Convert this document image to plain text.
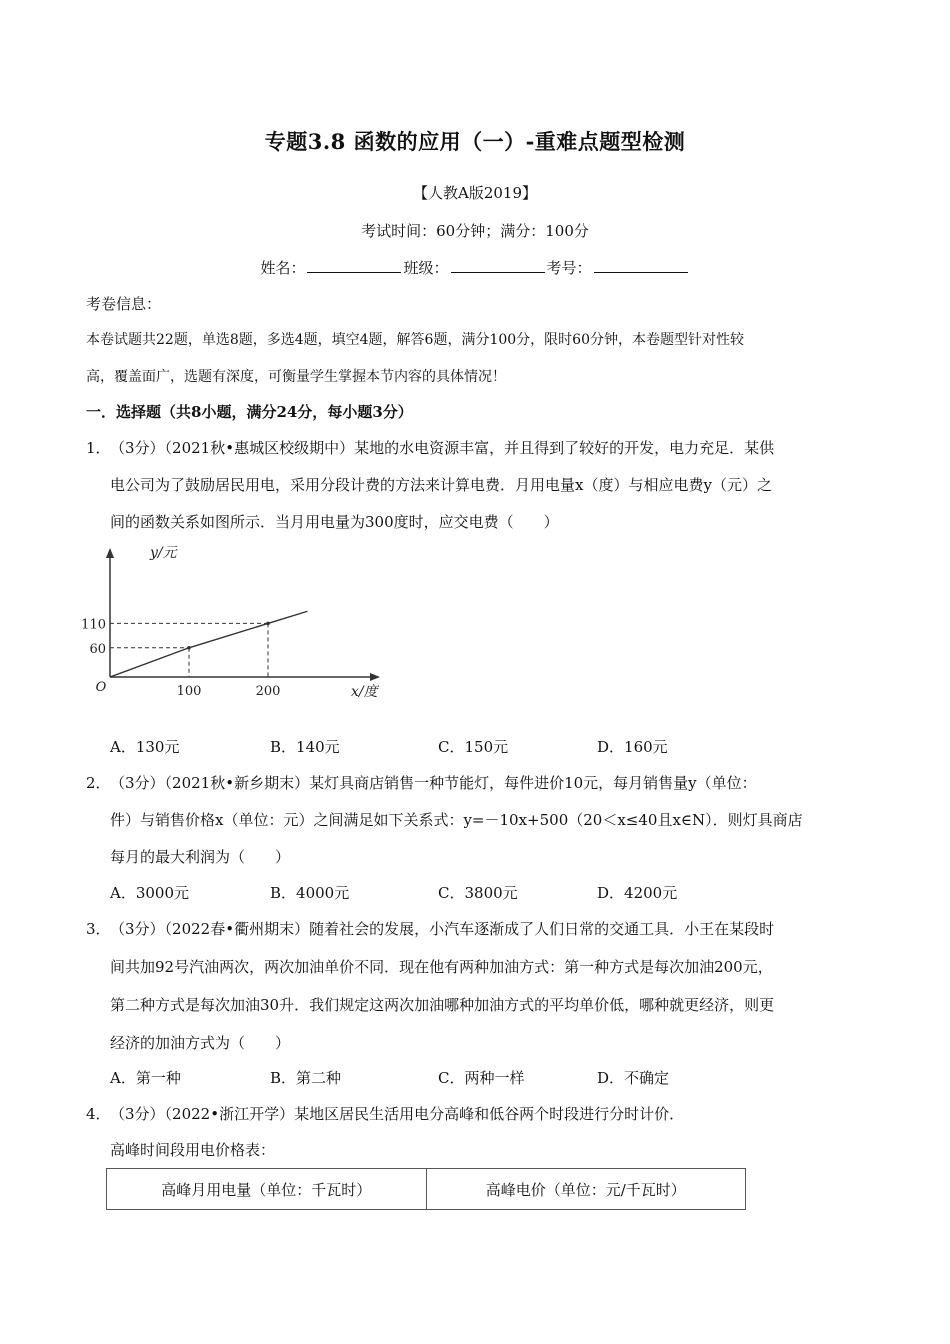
专题3.8 函数的应用（一）-重难点题型检测
【人教A版2019】
考试时间：60分钟；满分：100分
姓名：	班级：	考号：
考卷信息：
本卷试题共22题，单选8题，多选4题，填空4题，解答6题，满分100分，限时60分钟，本卷题型针对性较
高，覆盖面广，选题有深度，可衡量学生掌握本节内容的具体情况！
一．选择题（共8小题，满分24分，每小题3分）
1． （3分）（2021秋•惠城区校级期中）某地的水电资源丰富，并且得到了较好的开发，电力充足．某供
电公司为了鼓励居民用电，采用分段计费的方法来计算电费．月用电量x（度）与相应电费y（元）之
间的函数关系如图所示．当月用电量为300度时，应交电费（　　）
100	200
60
110
O	x/度
y/元
A．130元	B．140元	C．150元	D．160元
2． （3分）（2021秋•新乡期末）某灯具商店销售一种节能灯，每件进价10元，每月销售量y（单位：
件）与销售价格x（单位：元）之间满足如下关系式：y=－10x+500（20＜x≤40且x∈N）．则灯具商店
每月的最大利润为（　　）
A．3000元	B．4000元	C．3800元	D．4200元
3． （3分）（2022春•衢州期末）随着社会的发展，小汽车逐渐成了人们日常的交通工具．小王在某段时
间共加92号汽油两次，两次加油单价不同．现在他有两种加油方式：第一种方式是每次加油200元，
第二种方式是每次加油30升．我们规定这两次加油哪种加油方式的平均单价低，哪种就更经济，则更
经济的加油方式为（　　）
A．第一种	B．第二种	C．两种一样	D．不确定
4． （3分）（2022•浙江开学）某地区居民生活用电分高峰和低谷两个时段进行分时计价．
高峰时间段用电价格表：
高峰月用电量（单位：千瓦时）	高峰电价（单位：元/千瓦时）
